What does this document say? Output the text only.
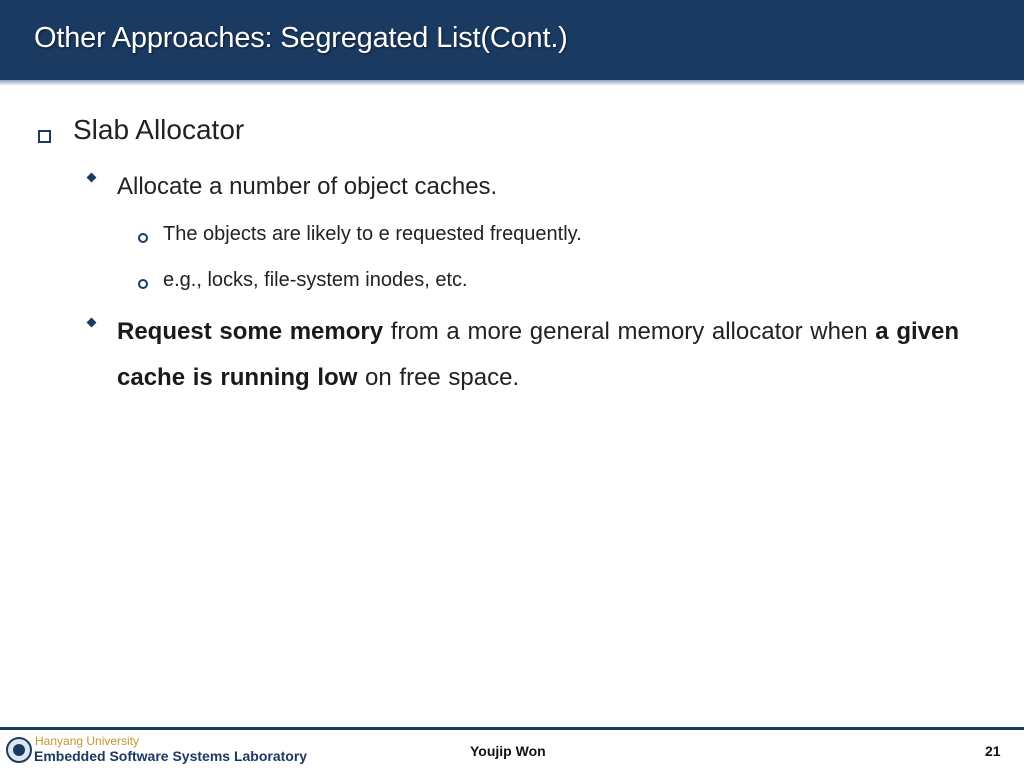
Other Approaches: Segregated List(Cont.)
Slab Allocator
Allocate a number of object caches.
The objects are likely to e requested frequently.
e.g., locks, file-system inodes, etc.
Request some memory from a more general memory allocator when a given cache is running low on free space.
Hanyang University
Embedded Software Systems Laboratory	Youjip Won	21
